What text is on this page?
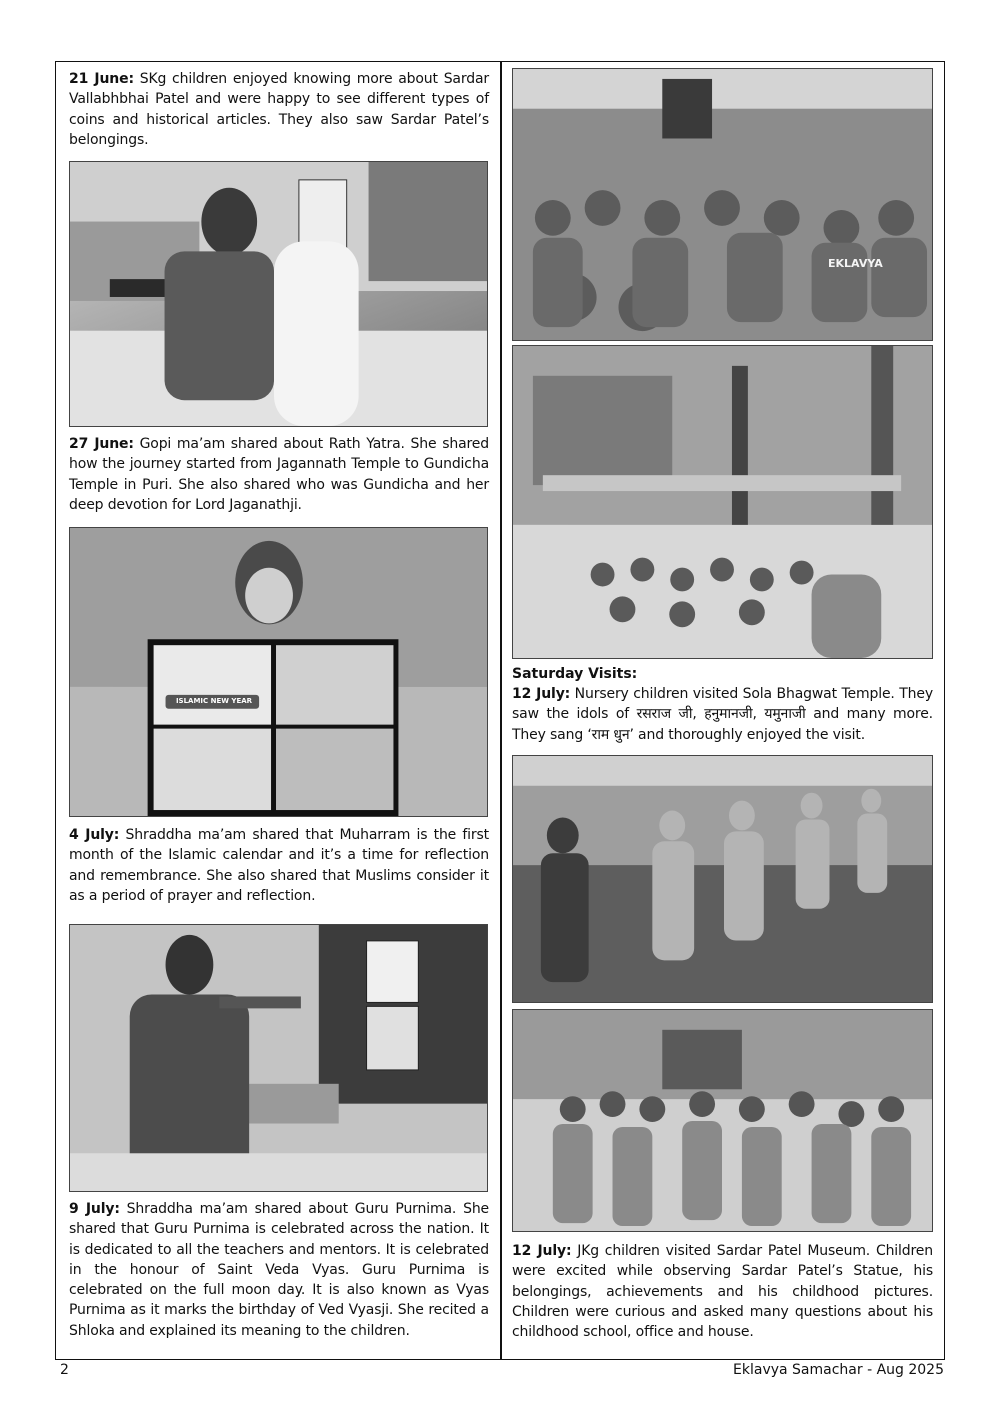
21 June: SKg children enjoyed knowing more about Sardar Vallabhbhai Patel and were happy to see different types of coins and historical articles. They also saw Sardar Patel’s belongings.

27 June: Gopi ma’am shared about Rath Yatra. She shared how the journey started from Jagannath Temple to Gundicha Temple in Puri. She also shared who was Gundicha and her deep devotion for Lord Jaganathji.

ISLAMIC NEW YEAR

4 July: Shraddha ma’am shared that Muharram is the first month of the Islamic calendar and it’s a time for reflection and remembrance. She also shared that Muslims consider it as a period of prayer and reflection.

9 July: Shraddha ma’am shared about Guru Purnima. She shared that Guru Purnima is celebrated across the nation. It is dedicated to all the teachers and mentors. It is celebrated in the honour of Saint Veda Vyas. Guru Purnima is celebrated on the full moon day. It is also known as Vyas Purnima as it marks the birthday of Ved Vyasji. She recited a Shloka and explained its meaning to the children.

EKLAVYA

Saturday Visits:

12 July: Nursery children visited Sola Bhagwat Temple. They saw the idols of रसराज जी, हनुमानजी, यमुनाजी and many more. They sang ‘राम धुन’ and thoroughly enjoyed the visit.

12 July: JKg children visited Sardar Patel Museum. Children were excited while observing Sardar Patel’s Statue, his belongings, achievements and his childhood pictures. Children were curious and asked many questions about his childhood school, office and house.

2	Eklavya Samachar - Aug 2025
